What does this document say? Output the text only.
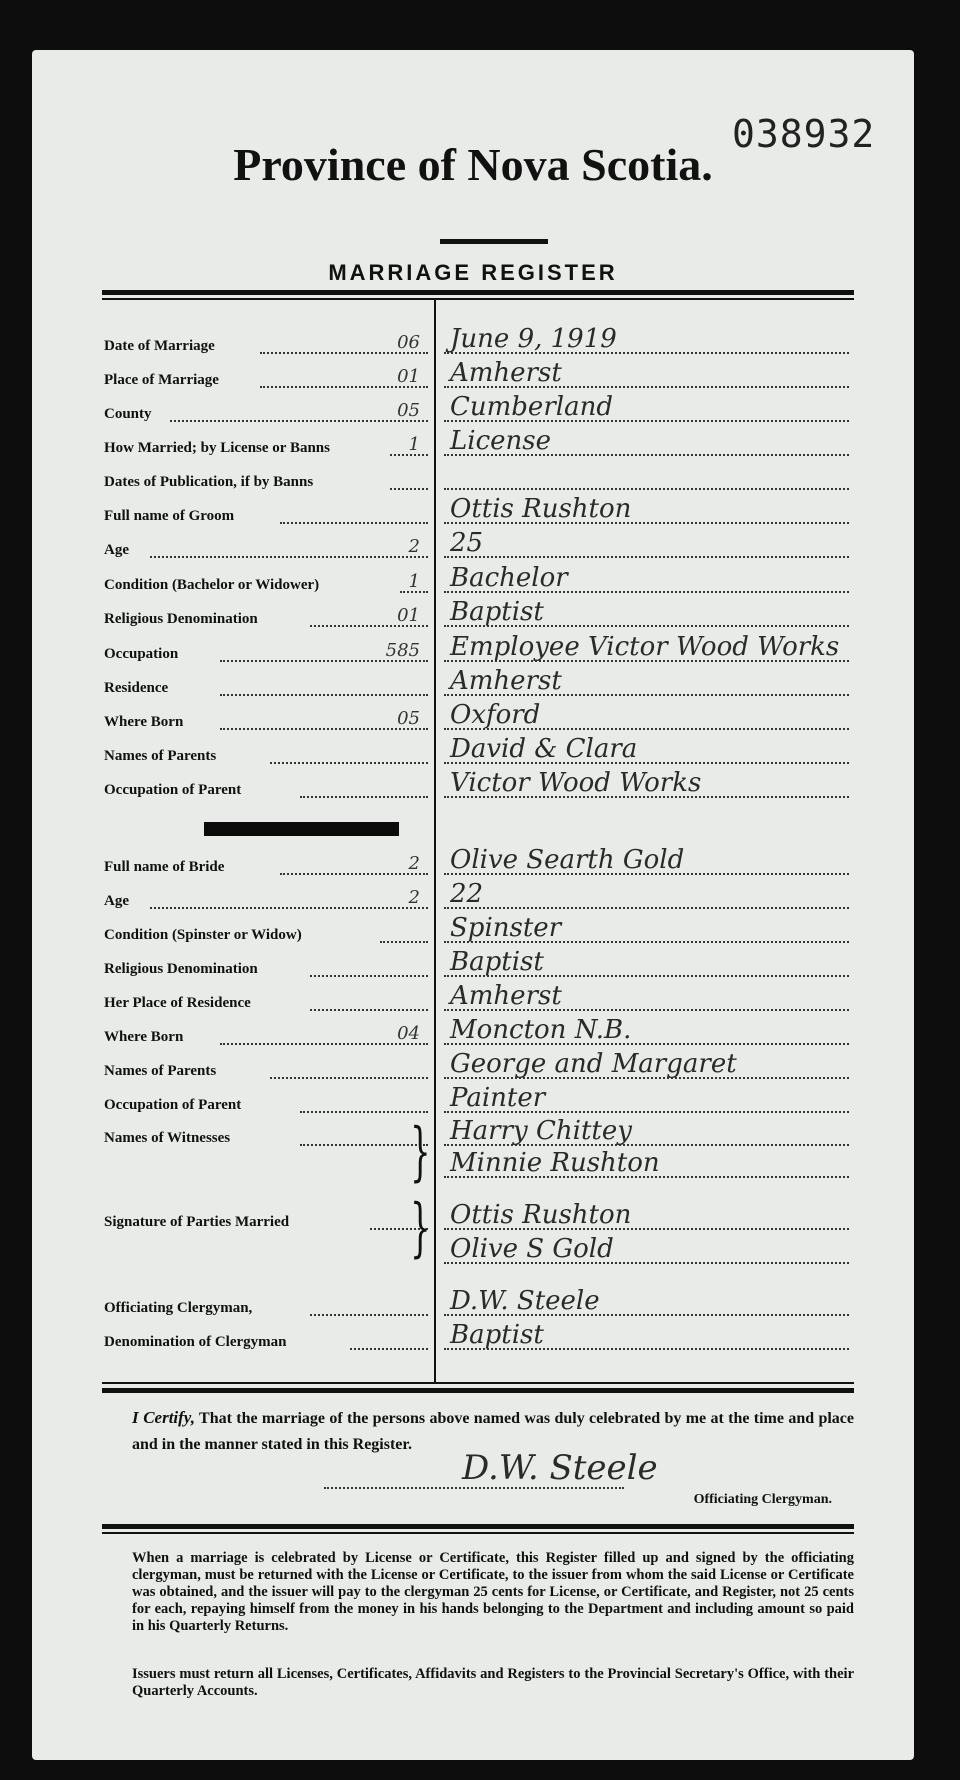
038932
Province of Nova Scotia.
MARRIAGE REGISTER
Date of Marriage	06 June 9, 1919
Place of Marriage	01 Amherst
County	05 Cumberland
How Married; by License or Banns	1 License
Dates of Publication, if by Banns
Full name of Groom	Ottis Rushton
Age	2 25
Condition (Bachelor or Widower)	1 Bachelor
Religious Denomination	01 Baptist
Occupation	585 Employee Victor Wood Works
Residence	Amherst
Where Born	05 Oxford
Names of Parents	David & Clara
Occupation of Parent	Victor Wood Works
Full name of Bride	2 Olive Searth Gold
Age	2 22
Condition (Spinster or Widow)	Spinster
Religious Denomination	Baptist
Her Place of Residence	Amherst
Where Born	04 Moncton N.B.
Names of Parents	George and Margaret
Occupation of Parent	Painter
Names of Witnesses	Harry Chittey
Minnie Rushton
Signature of Parties Married	Ottis Rushton
Olive S Gold
Officiating Clergyman,	D.W. Steele
Denomination of Clergyman	Baptist
}
}
I Certify, That the marriage of the persons above named was duly celebrated by me at the time and place and in the manner stated in this Register.
D.W. Steele
Officiating Clergyman.
When a marriage is celebrated by License or Certificate, this Register filled up and signed by the officiating clergyman, must be returned with the License or Certificate, to the issuer from whom the said License or Certificate was obtained, and the issuer will pay to the clergyman 25 cents for License, or Certificate, and Register, not 25 cents for each, repaying himself from the money in his hands belonging to the Department and including amount so paid in his Quarterly Returns.
Issuers must return all Licenses, Certificates, Affidavits and Registers to the Provincial Secretary's Office, with their Quarterly Accounts.
